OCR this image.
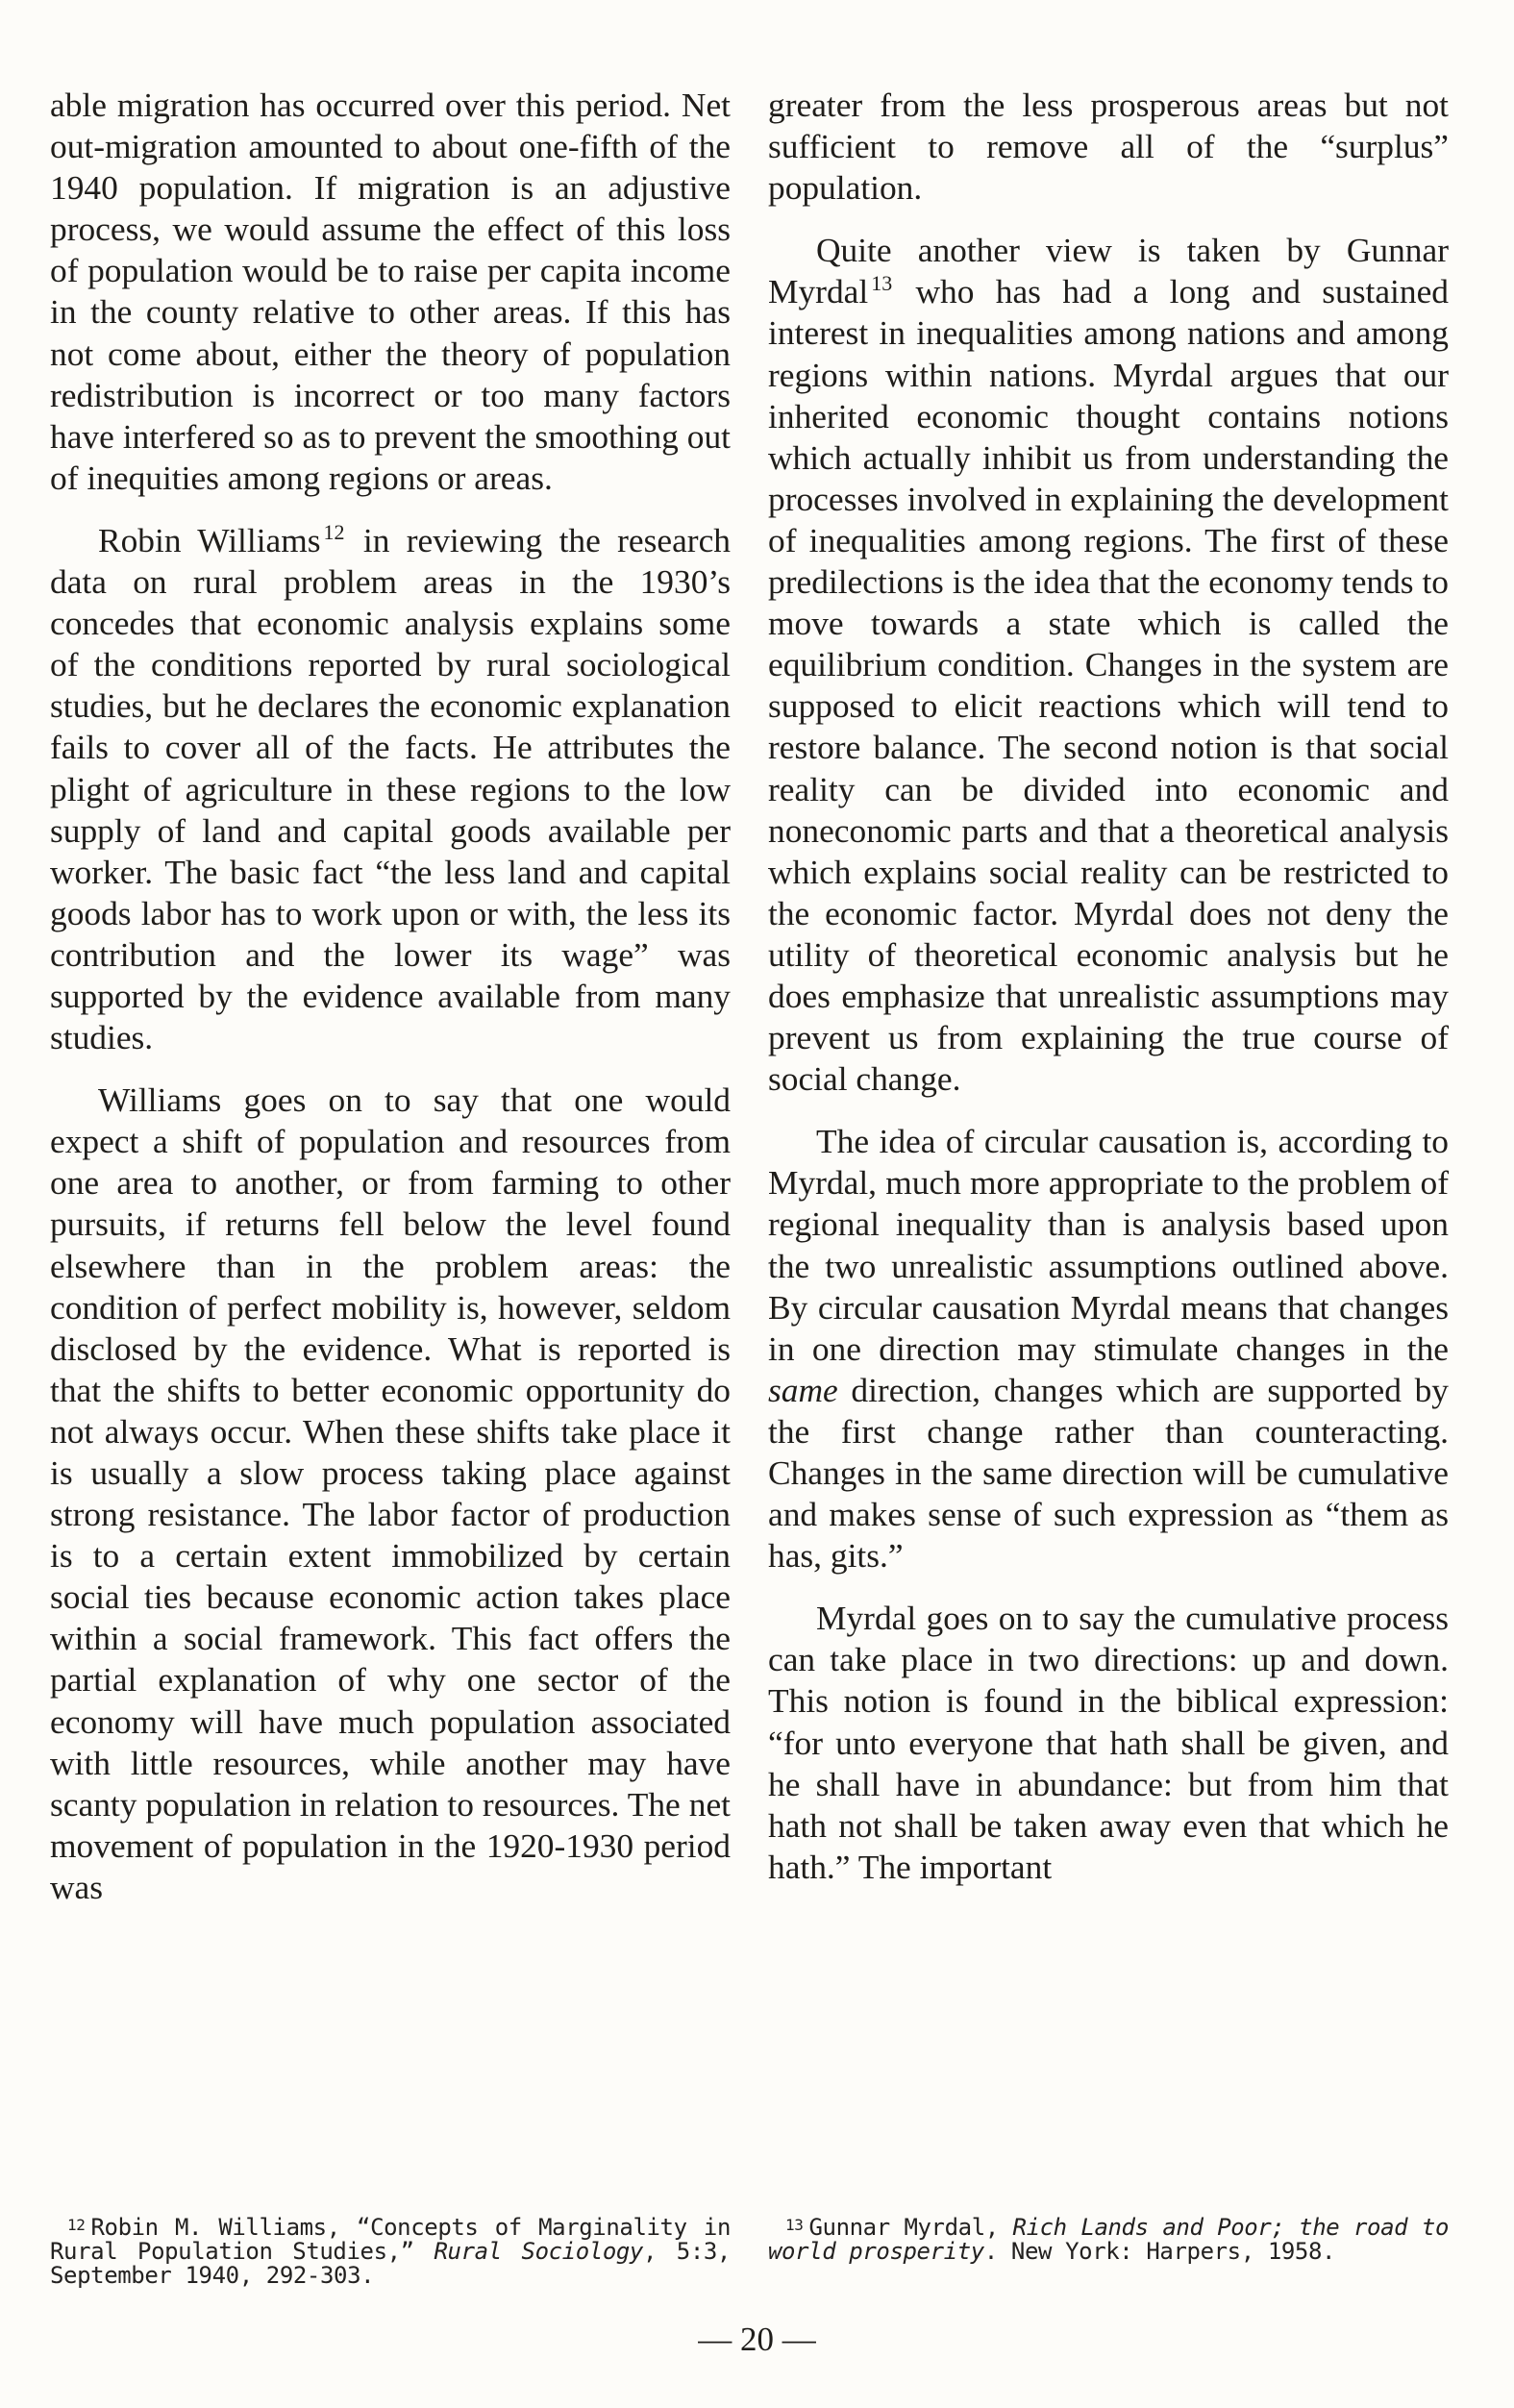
able migration has occurred over this period. Net out-migration amounted to about one-fifth of the 1940 population. If migration is an adjustive process, we would assume the effect of this loss of population would be to raise per capita income in the county relative to other areas. If this has not come about, either the theory of population redistribution is incorrect or too many factors have interfered so as to prevent the smoothing out of inequities among regions or areas.

Robin Williams $^{12}$ in reviewing the research data on rural problem areas in the 1930’s concedes that economic analysis explains some of the conditions reported by rural sociological studies, but he declares the economic explanation fails to cover all of the facts. He attributes the plight of agriculture in these regions to the low supply of land and capital goods available per worker. The basic fact “the less land and capital goods labor has to work upon or with, the less its contribution and the lower its wage” was supported by the evidence available from many studies.

Williams goes on to say that one would expect a shift of population and resources from one area to another, or from farming to other pursuits, if returns fell below the level found elsewhere than in the problem areas: the condition of perfect mobility is, however, seldom disclosed by the evidence. What is reported is that the shifts to better economic opportunity do not always occur. When these shifts take place it is usually a slow process taking place against strong resistance. The labor factor of production is to a certain extent immobilized by certain social ties because economic action takes place within a social framework. This fact offers the partial explanation of why one sector of the economy will have much population associated with little resources, while another may have scanty population in relation to resources. The net movement of population in the 1920-1930 period was

greater from the less prosperous areas but not sufficient to remove all of the “surplus” population.

Quite another view is taken by Gunnar Myrdal $^{13}$ who has had a long and sustained interest in inequalities among nations and among regions within nations. Myrdal argues that our inherited economic thought contains notions which actually inhibit us from understanding the processes involved in explaining the development of inequalities among regions. The first of these predilections is the idea that the economy tends to move towards a state which is called the equilibrium condition. Changes in the system are supposed to elicit reactions which will tend to restore balance. The second notion is that social reality can be divided into economic and noneconomic parts and that a theoretical analysis which explains social reality can be restricted to the economic factor. Myrdal does not deny the utility of theoretical economic analysis but he does emphasize that unrealistic assumptions may prevent us from explaining the true course of social change.

The idea of circular causation is, according to Myrdal, much more appropriate to the problem of regional inequality than is analysis based upon the two unrealistic assumptions outlined above. By circular causation Myrdal means that changes in one direction may stimulate changes in the same direction, changes which are supported by the first change rather than counteracting. Changes in the same direction will be cumulative and makes sense of such expression as “them as has, gits.”

Myrdal goes on to say the cumulative process can take place in two directions: up and down. This notion is found in the biblical expression: “for unto everyone that hath shall be given, and he shall have in abundance: but from him that hath not shall be taken away even that which he hath.” The important

$^{12}$ Robin M. Williams, “Concepts of Marginality in Rural Population Studies,” Rural Sociology, 5:3, September 1940, 292-303.

$^{13}$ Gunnar Myrdal, Rich Lands and Poor; the road to world prosperity. New York: Harpers, 1958.

— 20 —
